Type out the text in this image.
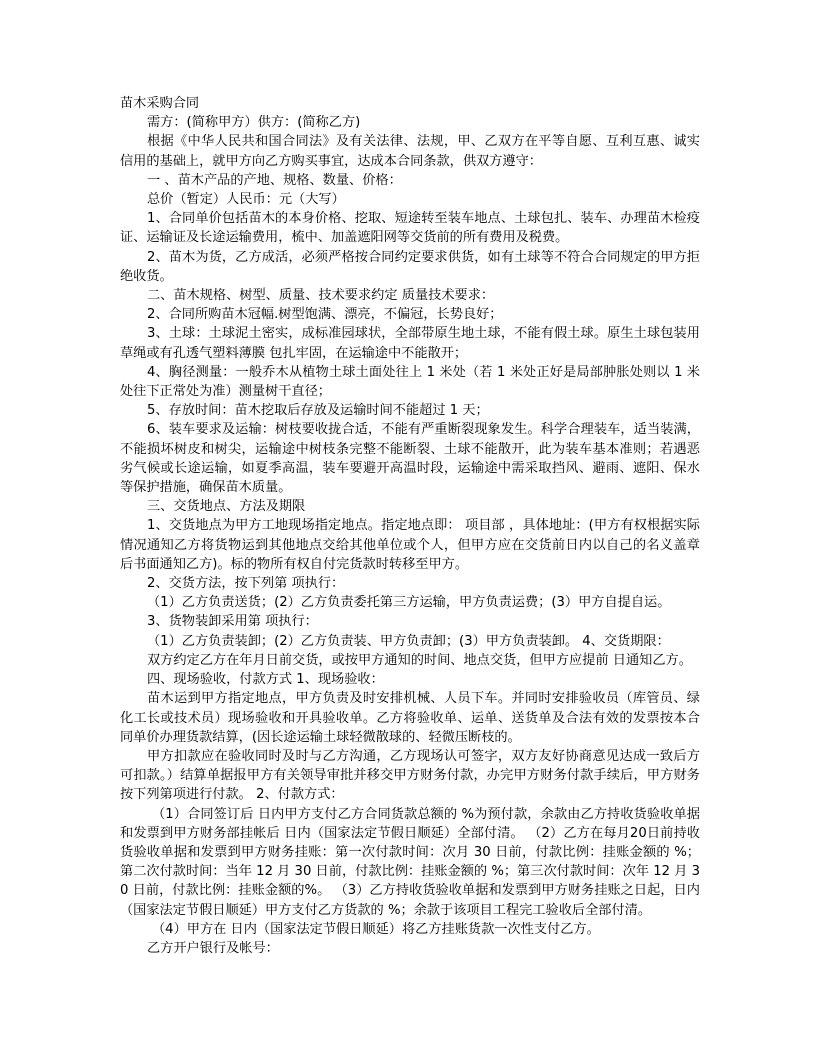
苗木采购合同

需方：(简称甲方）供方：(简称乙方)

根据《中华人民共和国合同法》及有关法律、法规，甲、乙双方在平等自愿、互利互惠、诚实信用的基础上，就甲方向乙方购买事宜，达成本合同条款，供双方遵守：

一 、苗木产品的产地、规格、数量、价格：

总价（暂定）人民币：元（大写）

1、合同单价包括苗木的本身价格、挖取、短途转至装车地点、土球包扎、装车、办理苗木检疫证、运输证及长途运输费用，梳中、加盖遮阳网等交货前的所有费用及税费。

2、苗木为货，乙方成活，必须严格按合同约定要求供货，如有土球等不符合合同规定的甲方拒绝收货。

二、苗木规格、树型、质量、技术要求约定 质量技术要求：

2、合同所购苗木冠幅.树型饱满、漂亮，不偏冠，长势良好；

3、土球：土球泥土密实，成标准园球状，全部带原生地土球，不能有假土球。原生土球包装用 草绳或有孔透气塑料薄膜 包扎牢固，在运输途中不能散开；

4、胸径测量：一般乔木从植物土球土面处往上 1 米处（若 1 米处正好是局部肿胀处则以 1 米处往下正常处为准）测量树干直径；

5、存放时间：苗木挖取后存放及运输时间不能超过 1 天；

6、装车要求及运输：树枝要收拢合适，不能有严重断裂现象发生。科学合理装车，适当装满，不能损坏树皮和树尖，运输途中树枝条完整不能断裂、土球不能散开，此为装车基本准则；若遇恶劣气候或长途运输，如夏季高温，装车要避开高温时段，运输途中需采取挡风、避雨、遮阳、保水等保护措施，确保苗木质量。

三、交货地点、方法及期限

1、交货地点为甲方工地现场指定地点。指定地点即： 项目部 ，具体地址：(甲方有权根据实际情况通知乙方将货物运到其他地点交给其他单位或个人，但甲方应在交货前日内以自己的名义盖章后书面通知乙方)。标的物所有权自付完货款时转移至甲方。

2、交货方法，按下列第 项执行：

（1）乙方负责送货；(2）乙方负责委托第三方运输，甲方负责运费；(3）甲方自提自运。

3、货物装卸采用第 项执行：

（1）乙方负责装卸；(2）乙方负责装、甲方负责卸；(3）甲方负责装卸。 4、交货期限：

双方约定乙方在年月日前交货，或按甲方通知的时间、地点交货，但甲方应提前 日通知乙方。

四、现场验收，付款方式 1、现场验收：

苗木运到甲方指定地点，甲方负责及时安排机械、人员下车。并同时安排验收员（库管员、绿化工长或技术员）现场验收和开具验收单。乙方将验收单、运单、送货单及合法有效的发票按本合同单价办理货款结算，(因长途运输土球轻微散球的、轻微压断枝的。

甲方扣款应在验收同时及时与乙方沟通，乙方现场认可签字，双方友好协商意见达成一致后方可扣款。）结算单据报甲方有关领导审批并移交甲方财务付款，办完甲方财务付款手续后，甲方财务按下列第项进行付款。 2、付款方式：

（1）合同签订后 日内甲方支付乙方合同货款总额的 %为预付款，余款由乙方持收货验收单据和发票到甲方财务部挂帐后 日内（国家法定节假日顺延）全部付清。 （2）乙方在每月20日前持收货验收单据和发票到甲方财务挂账：第一次付款时间：次月 30 日前，付款比例：挂账金额的 %；第二次付款时间：当年 12 月 30 日前，付款比例：挂账金额的 %；第三次付款时间：次年 12 月 30 日前，付款比例：挂账金额的%。 （3）乙方持收货验收单据和发票到甲方财务挂账之日起，日内（国家法定节假日顺延）甲方支付乙方货款的 %；余款于该项目工程完工验收后全部付清。

（4）甲方在 日内（国家法定节假日顺延）将乙方挂账货款一次性支付乙方。

乙方开户银行及帐号：
